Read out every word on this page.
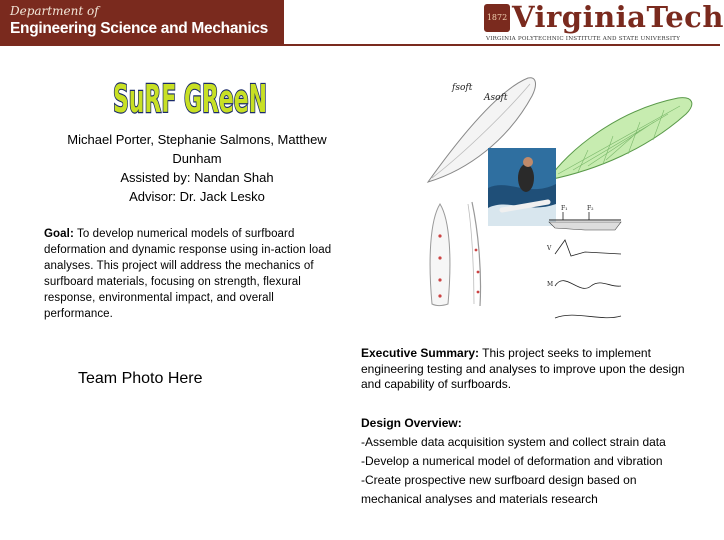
Department of
Engineering Science and Mechanics
1872 VirginiaTech
VIRGINIA POLYTECHNIC INSTITUTE AND STATE UNIVERSITY
SuRF GReeN
Michael Porter, Stephanie Salmons, Matthew Dunham
Assisted by: Nandan Shah
Advisor: Dr. Jack Lesko
Goal: To develop numerical models of surfboard deformation and dynamic response using in-action load analyses. This project will address the mechanics of surfboard materials, focusing on strength, flexural response, environmental impact, and overall performance.
fsoft
Asoft
F₁	F₂
V
M
Team Photo Here
Executive Summary: This project seeks to implement engineering testing and analyses to improve upon the design and capability of surfboards.
Design Overview:
-Assemble data acquisition system and collect strain data
-Develop a numerical model of deformation and vibration
-Create prospective new surfboard design based on
mechanical analyses and materials research
